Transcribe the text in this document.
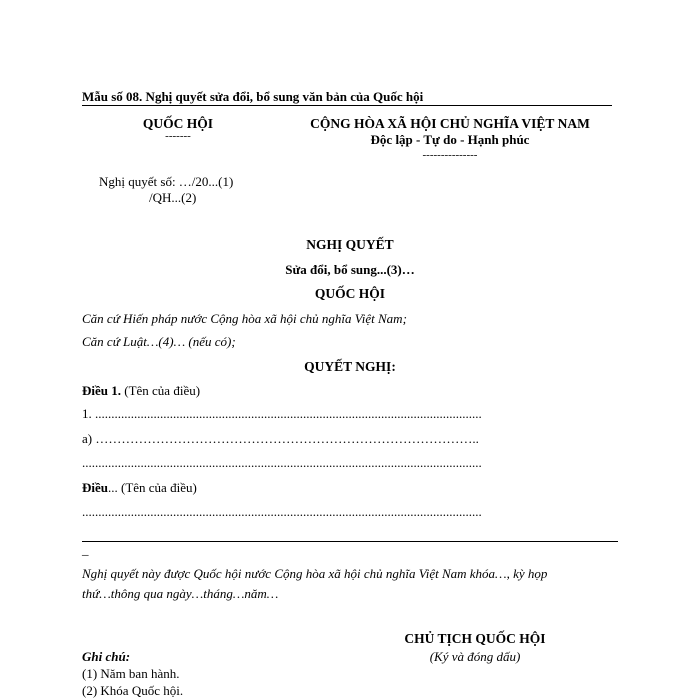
Mẫu số 08. Nghị quyết sửa đổi, bổ sung văn bản của Quốc hội
QUỐC HỘI
-------
CỘNG HÒA XÃ HỘI CHỦ NGHĨA VIỆT NAM
Độc lập - Tự do - Hạnh phúc
---------------
Nghị quyết số: …/20...(1)
/QH...(2)
NGHỊ QUYẾT
Sửa đổi, bổ sung...(3)…
QUỐC HỘI
Căn cứ Hiến pháp nước Cộng hòa xã hội chủ nghĩa Việt Nam;
Căn cứ Luật…(4)… (nếu có);
QUYẾT NGHỊ:
Điều 1. (Tên của điều)
1. .......................................................................................................................
a) ……………………………………………………………………………..
...........................................................................................................................
Điều... (Tên của điều)
...........................................................................................................................
_
Nghị quyết này được Quốc hội nước Cộng hòa xã hội chủ nghĩa Việt Nam khóa…, kỳ họp
thứ…thông qua ngày…tháng…năm…
CHỦ TỊCH QUỐC HỘI
(Ký và đóng dấu)
Ghi chú:
(1) Năm ban hành.
(2) Khóa Quốc hội.
